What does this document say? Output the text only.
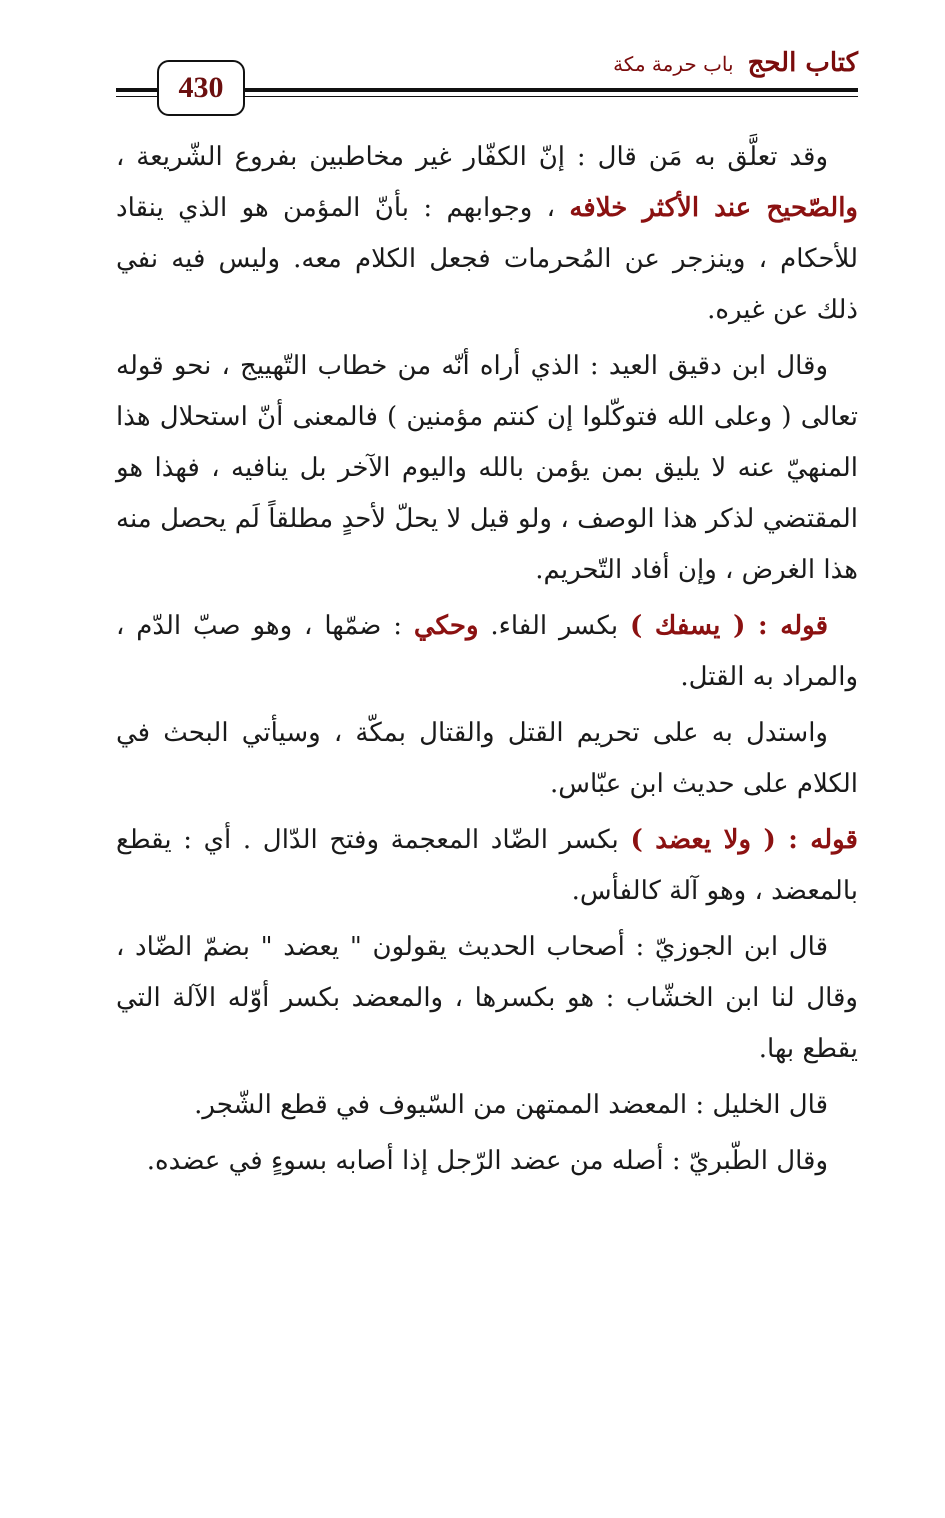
430
كتاب الحج
باب حرمة مكة

وقد تعلَّق به مَن قال : إنّ الكفّار غير مخاطبين بفروع الشّريعة ، والصّحيح عند الأكثر خلافه ، وجوابهم : بأنّ المؤمن هو الذي ينقاد للأحكام ، وينزجر عن المُحرمات فجعل الكلام معه. وليس فيه نفي ذلك عن غيره.

وقال ابن دقيق العيد : الذي أراه أنّه من خطاب التّهييج ، نحو قوله تعالى ( وعلى الله فتوكّلوا إن كنتم مؤمنين ) فالمعنى أنّ استحلال هذا المنهيّ عنه لا يليق بمن يؤمن بالله واليوم الآخر بل ينافيه ، فهذا هو المقتضي لذكر هذا الوصف ، ولو قيل لا يحلّ لأحدٍ مطلقاً لَم يحصل منه هذا الغرض ، وإن أفاد التّحريم.

قوله : ( يسفك ) بكسر الفاء. وحكي : ضمّها ، وهو صبّ الدّم ، والمراد به القتل.

واستدل به على تحريم القتل والقتال بمكّة ، وسيأتي البحث في الكلام على حديث ابن عبّاس.

قوله : ( ولا يعضد ) بكسر الضّاد المعجمة وفتح الدّال . أي : يقطع بالمعضد ، وهو آلة كالفأس.

قال ابن الجوزيّ : أصحاب الحديث يقولون " يعضد " بضمّ الضّاد ، وقال لنا ابن الخشّاب : هو بكسرها ، والمعضد بكسر أوّله الآلة التي يقطع بها.

قال الخليل : المعضد الممتهن من السّيوف في قطع الشّجر.

وقال الطّبريّ : أصله من عضد الرّجل إذا أصابه بسوءٍ في عضده.
